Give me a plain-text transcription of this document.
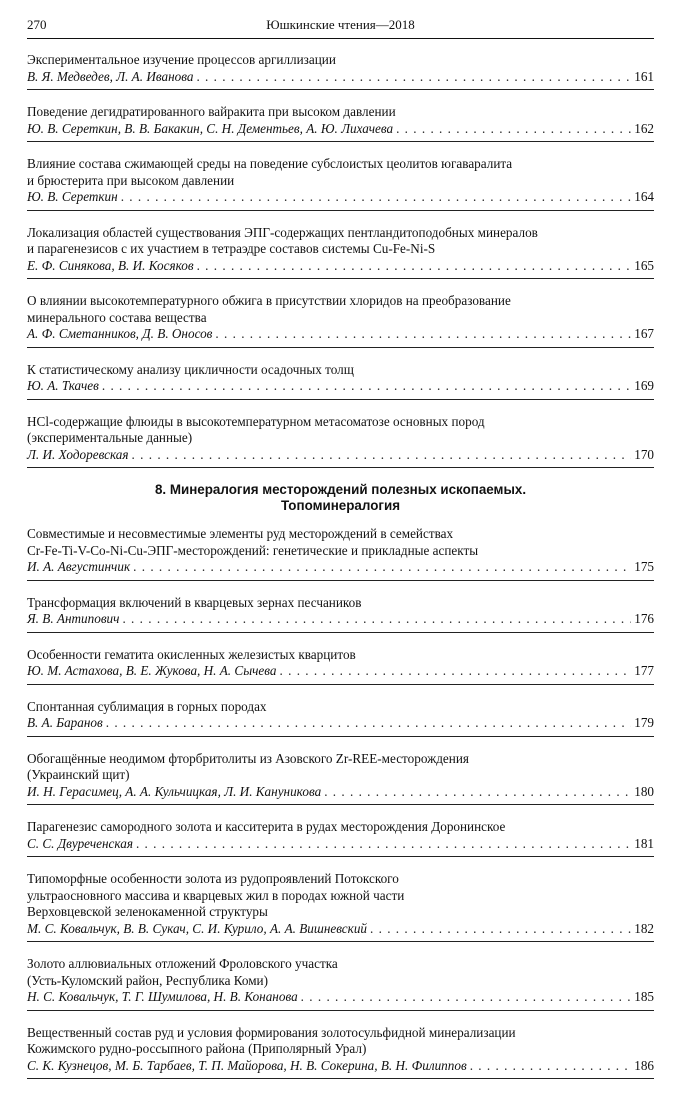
270	Юшкинские чтения—2018
Экспериментальное изучение процессов аргиллизации
В. Я. Медведев, Л. А. Иванова . . .	161
Поведение дегидратированного вайракита при высоком давлении
Ю. В. Сереткин, В. В. Бакакин, С. Н. Дементьев, А. Ю. Лихачева . . .	162
Влияние состава сжимающей среды на поведение субслоистых цеолитов югаваралита
и брюстерита при высоком давлении
Ю. В. Сереткин . . .	164
Локализация областей существования ЭПГ-содержащих пентландитоподобных минералов
и парагенезисов с их участием в тетраэдре составов системы Cu-Fe-Ni-S
Е. Ф. Синякова, В. И. Косяков . . .	165
О влиянии высокотемпературного обжига в присутствии хлоридов на преобразование
минерального состава вещества
А. Ф. Сметанников, Д. В. Оносов . . .	167
К статистическому анализу цикличности осадочных толщ
Ю. А. Ткачев . . .	169
HCl-содержащие флюиды в высокотемпературном метасоматозе основных пород
(экспериментальные данные)
Л. И. Ходоревская . . .	170
8. Минералогия месторождений полезных ископаемых.
Топоминералогия
Совместимые и несовместимые элементы руд месторождений в семействах
Cr-Fe-Ti-V-Co-Ni-Cu-ЭПГ-месторождений: генетические и прикладные аспекты
И. А. Августинчик . . .	175
Трансформация включений в кварцевых зернах песчаников
Я. В. Антипович . . .	176
Особенности гематита окисленных железистых кварцитов
Ю. М. Астахова, В. Е. Жукова, Н. А. Сычева . . .	177
Спонтанная сублимация в горных породах
В. А. Баранов . . .	179
Обогащённые неодимом фторбритолиты из Азовского Zr-REE-месторождения
(Украинский щит)
И. Н. Герасимец, А. А. Кульчицкая, Л. И. Кануникова . . .	180
Парагенезис самородного золота и касситерита в рудах месторождения Доронинское
С. С. Двуреченская . . .	181
Типоморфные особенности золота из рудопроявлений Потокского
ультраосновного массива и кварцевых жил в породах южной части
Верховцевской зеленокаменной структуры
М. С. Ковальчук, В. В. Сукач, С. И. Курило, А. А. Вишневский . . .	182
Золото аллювиальных отложений Фроловского участка
(Усть-Куломский район, Республика Коми)
Н. С. Ковальчук, Т. Г. Шумилова, Н. В. Конанова . . .	185
Вещественный состав руд и условия формирования золотосульфидной минерализации
Кожимского рудно-россыпного района (Приполярный Урал)
С. К. Кузнецов, М. Б. Тарбаев, Т. П. Майорова, Н. В. Сокерина, В. Н. Филиппов . . .	186
